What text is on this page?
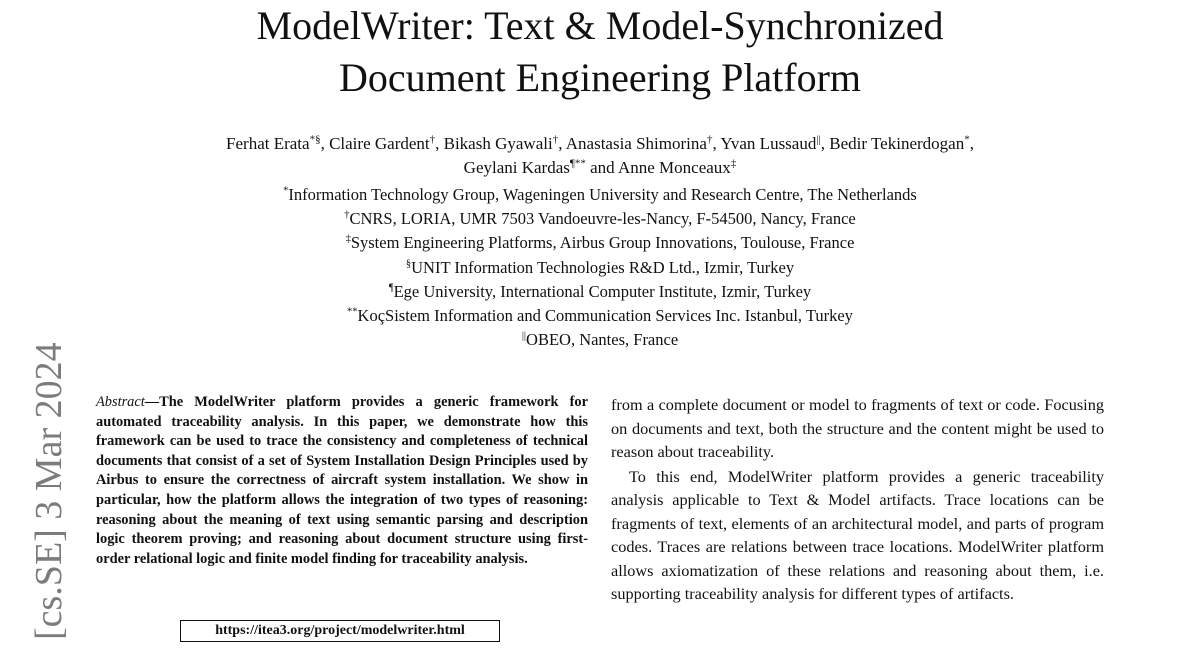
ModelWriter: Text & Model-Synchronized
Document Engineering Platform
Ferhat Erata*§, Claire Gardent†, Bikash Gyawali†, Anastasia Shimorina†, Yvan Lussaud||, Bedir Tekinerdogan*,
Geylani Kardas¶** and Anne Monceaux‡
*Information Technology Group, Wageningen University and Research Centre, The Netherlands
†CNRS, LORIA, UMR 7503 Vandoeuvre-les-Nancy, F-54500, Nancy, France
‡System Engineering Platforms, Airbus Group Innovations, Toulouse, France
§UNIT Information Technologies R&D Ltd., Izmir, Turkey
¶Ege University, International Computer Institute, Izmir, Turkey
**KoçSistem Information and Communication Services Inc. Istanbul, Turkey
||OBEO, Nantes, France
[cs.SE] 3 Mar 2024	Abstract—The ModelWriter platform provides a generic framework for automated traceability analysis. In this paper, we demonstrate how this framework can be used to trace the consistency and completeness of technical documents that consist of a set of System Installation Design Principles used by Airbus to ensure the correctness of aircraft system installation. We show in particular, how the platform allows the integration of two types of reasoning: reasoning about the meaning of text using semantic parsing and description logic theorem proving; and reasoning about document structure using first-order relational logic and finite model finding for traceability analysis.
https://itea3.org/project/modelwriter.html

from a complete document or model to fragments of text or code. Focusing on documents and text, both the structure and the content might be used to reason about traceability.

To this end, ModelWriter platform provides a generic traceability analysis applicable to Text & Model artifacts. Trace locations can be fragments of text, elements of an architectural model, and parts of program codes. Traces are relations between trace locations. ModelWriter platform allows axiomatization of these relations and reasoning about them, i.e. supporting traceability analysis for different types of artifacts.
